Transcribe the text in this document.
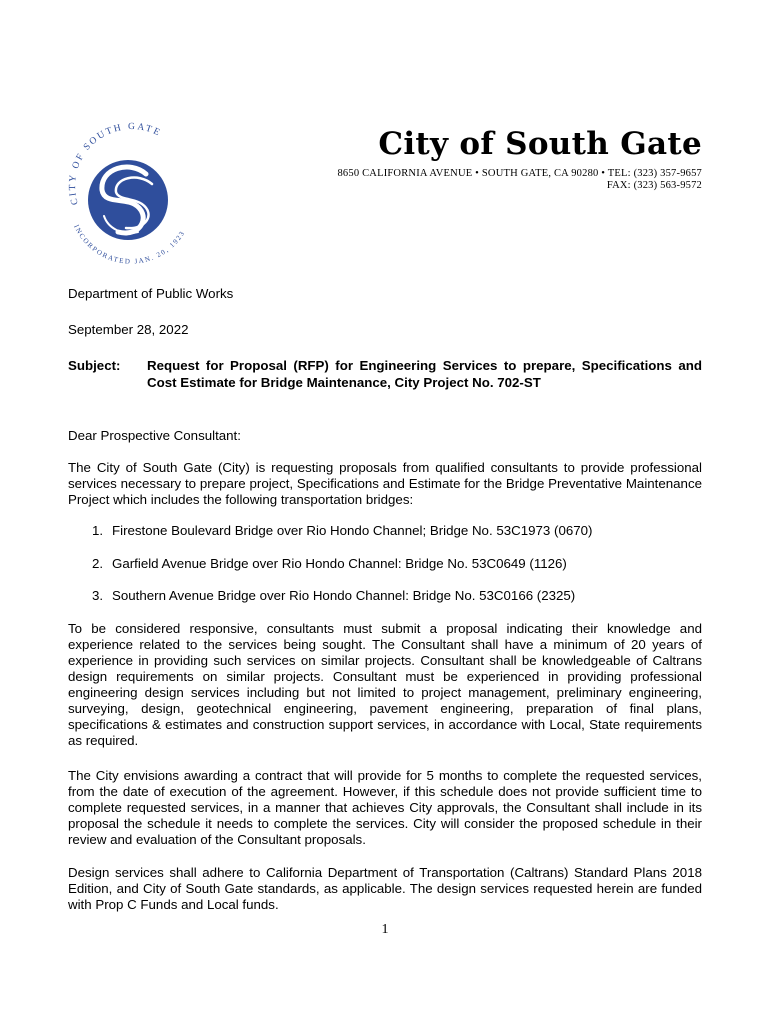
CITY OF SOUTH GATE
INCORPORATED JAN. 20, 1923
City of South Gate
8650 CALIFORNIA AVENUE • SOUTH GATE, CA 90280 • TEL: (323) 357-9657
FAX: (323) 563-9572
Department of Public Works
September 28, 2022
Subject: Request for Proposal (RFP) for Engineering Services to prepare, Specifications and Cost Estimate for Bridge Maintenance, City Project No. 702-ST
Dear Prospective Consultant:
The City of South Gate (City) is requesting proposals from qualified consultants to provide professional services necessary to prepare project, Specifications and Estimate for the Bridge Preventative Maintenance Project which includes the following transportation bridges:
1. Firestone Boulevard Bridge over Rio Hondo Channel; Bridge No. 53C1973 (0670)
2. Garfield Avenue Bridge over Rio Hondo Channel: Bridge No. 53C0649 (1126)
3. Southern Avenue Bridge over Rio Hondo Channel: Bridge No. 53C0166 (2325)
To be considered responsive, consultants must submit a proposal indicating their knowledge and experience related to the services being sought. The Consultant shall have a minimum of 20 years of experience in providing such services on similar projects. Consultant shall be knowledgeable of Caltrans design requirements on similar projects. Consultant must be experienced in providing professional engineering design services including but not limited to project management, preliminary engineering, surveying, design, geotechnical engineering, pavement engineering, preparation of final plans, specifications & estimates and construction support services, in accordance with Local, State requirements as required.
The City envisions awarding a contract that will provide for 5 months to complete the requested services, from the date of execution of the agreement. However, if this schedule does not provide sufficient time to complete requested services, in a manner that achieves City approvals, the Consultant shall include in its proposal the schedule it needs to complete the services. City will consider the proposed schedule in their review and evaluation of the Consultant proposals.
Design services shall adhere to California Department of Transportation (Caltrans) Standard Plans 2018 Edition, and City of South Gate standards, as applicable. The design services requested herein are funded with Prop C Funds and Local funds.
1
